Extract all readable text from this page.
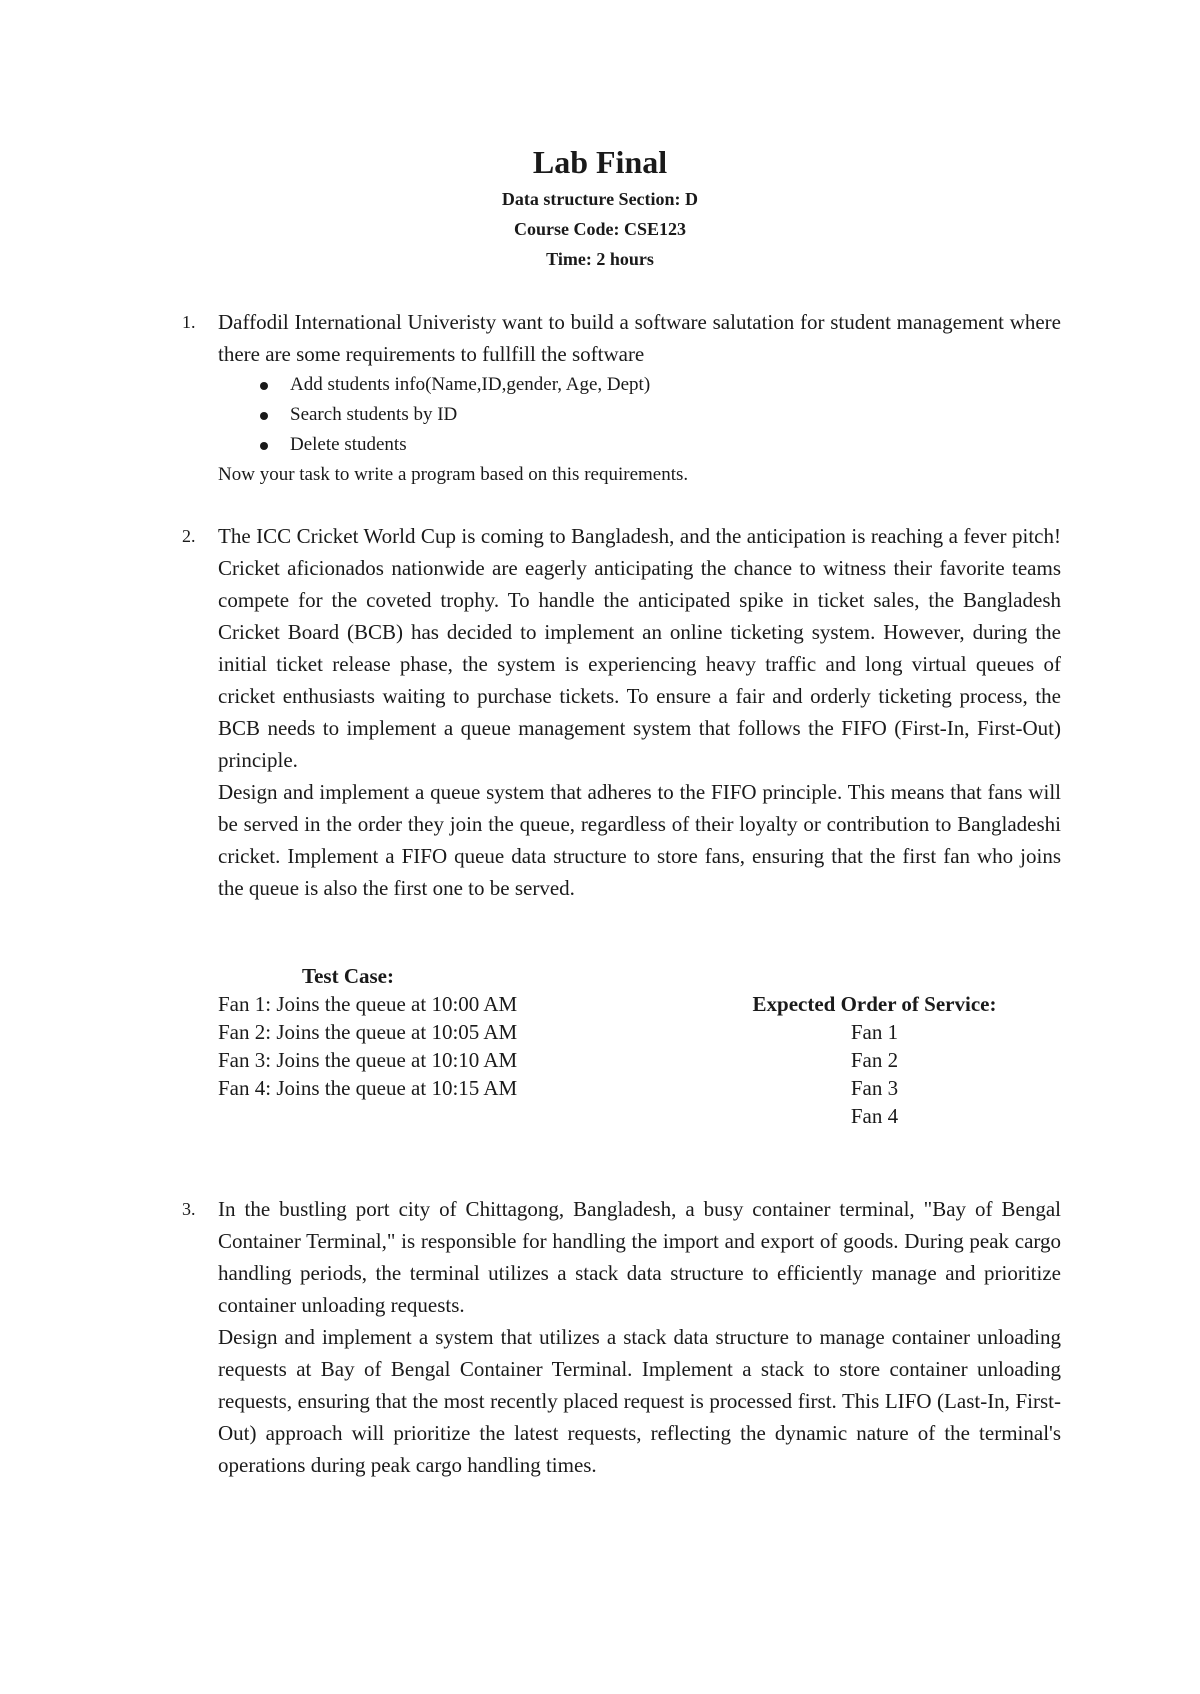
Lab Final
Data structure Section: D
Course Code: CSE123
Time: 2 hours
1. Daffodil International Univeristy want to build a software salutation for student management where there are some requirements to fullfill the software

Add students info(Name,ID,gender, Age, Dept)
Search students by ID
Delete students

Now your task to write a program based on this requirements.

2. The ICC Cricket World Cup is coming to Bangladesh, and the anticipation is reaching a fever pitch! Cricket aficionados nationwide are eagerly anticipating the chance to witness their favorite teams compete for the coveted trophy. To handle the anticipated spike in ticket sales, the Bangladesh Cricket Board (BCB) has decided to implement an online ticketing system. However, during the initial ticket release phase, the system is experiencing heavy traffic and long virtual queues of cricket enthusiasts waiting to purchase tickets. To ensure a fair and orderly ticketing process, the BCB needs to implement a queue management system that follows the FIFO (First-In, First-Out) principle.

Design and implement a queue system that adheres to the FIFO principle. This means that fans will be served in the order they join the queue, regardless of their loyalty or contribution to Bangladeshi cricket. Implement a FIFO queue data structure to store fans, ensuring that the first fan who joins the queue is also the first one to be served.

Test Case:
Fan 1: Joins the queue at 10:00 AM
Fan 2: Joins the queue at 10:05 AM
Fan 3: Joins the queue at 10:10 AM
Fan 4: Joins the queue at 10:15 AM
Expected Order of Service:
Fan 1
Fan 2
Fan 3
Fan 4
3. In the bustling port city of Chittagong, Bangladesh, a busy container terminal, "Bay of Bengal Container Terminal," is responsible for handling the import and export of goods. During peak cargo handling periods, the terminal utilizes a stack data structure to efficiently manage and prioritize container unloading requests.

Design and implement a system that utilizes a stack data structure to manage container unloading requests at Bay of Bengal Container Terminal. Implement a stack to store container unloading requests, ensuring that the most recently placed request is processed first. This LIFO (Last-In, First-Out) approach will prioritize the latest requests, reflecting the dynamic nature of the terminal's operations during peak cargo handling times.
